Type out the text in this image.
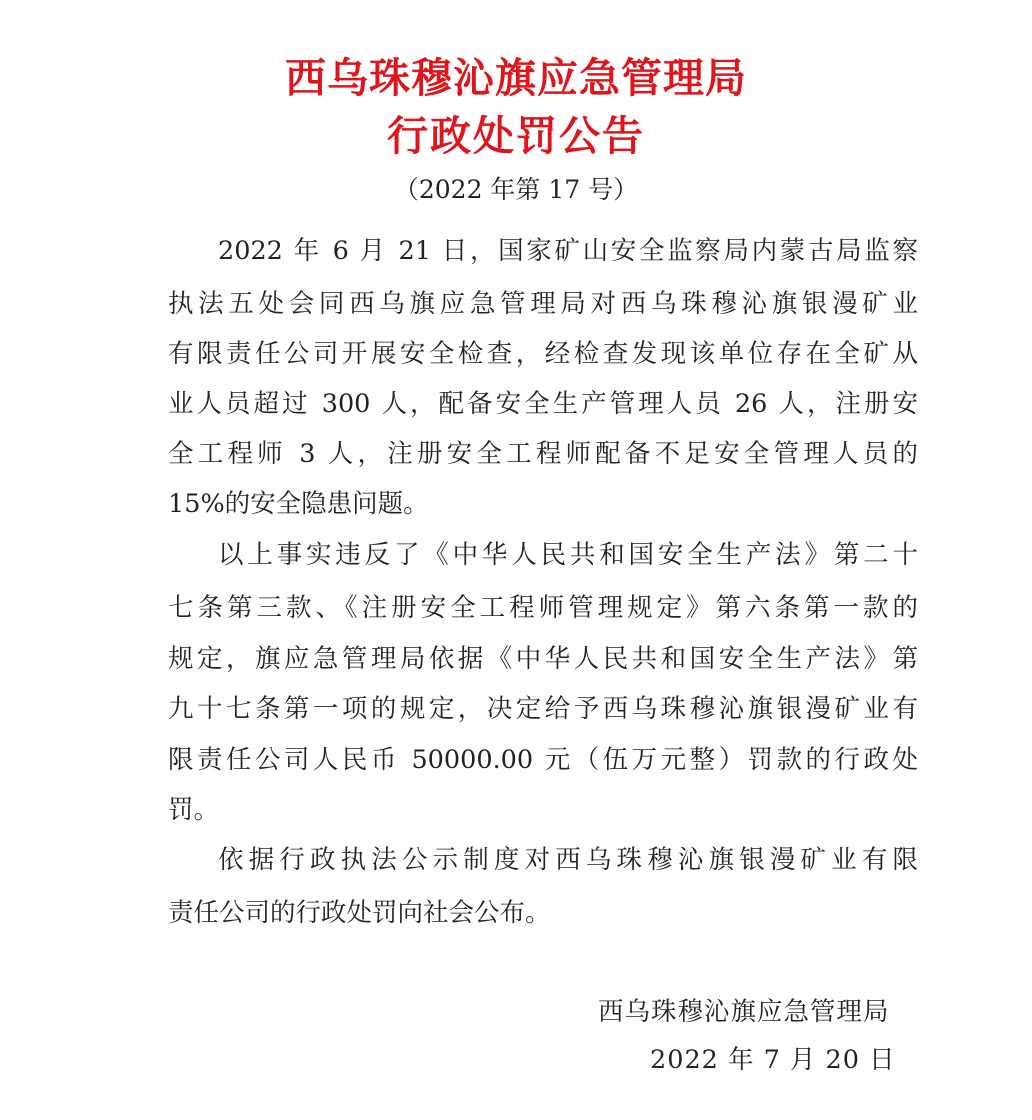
西乌珠穆沁旗应急管理局
行政处罚公告
（2022 年第 17 号）
2022 年 6 月 21 日，国家矿山安全监察局内蒙古局监察
执法五处会同西乌旗应急管理局对西乌珠穆沁旗银漫矿业
有限责任公司开展安全检查，经检查发现该单位存在全矿从
业人员超过 300 人，配备安全生产管理人员 26 人，注册安
全工程师 3 人，注册安全工程师配备不足安全管理人员的
15%的安全隐患问题。
以上事实违反了《中华人民共和国安全生产法》第二十
七条第三款、《注册安全工程师管理规定》第六条第一款的
规定，旗应急管理局依据《中华人民共和国安全生产法》第
九十七条第一项的规定，决定给予西乌珠穆沁旗银漫矿业有
限责任公司人民币 50000.00 元（伍万元整）罚款的行政处
罚。
依据行政执法公示制度对西乌珠穆沁旗银漫矿业有限
责任公司的行政处罚向社会公布。
西乌珠穆沁旗应急管理局
2022 年 7 月 20 日
